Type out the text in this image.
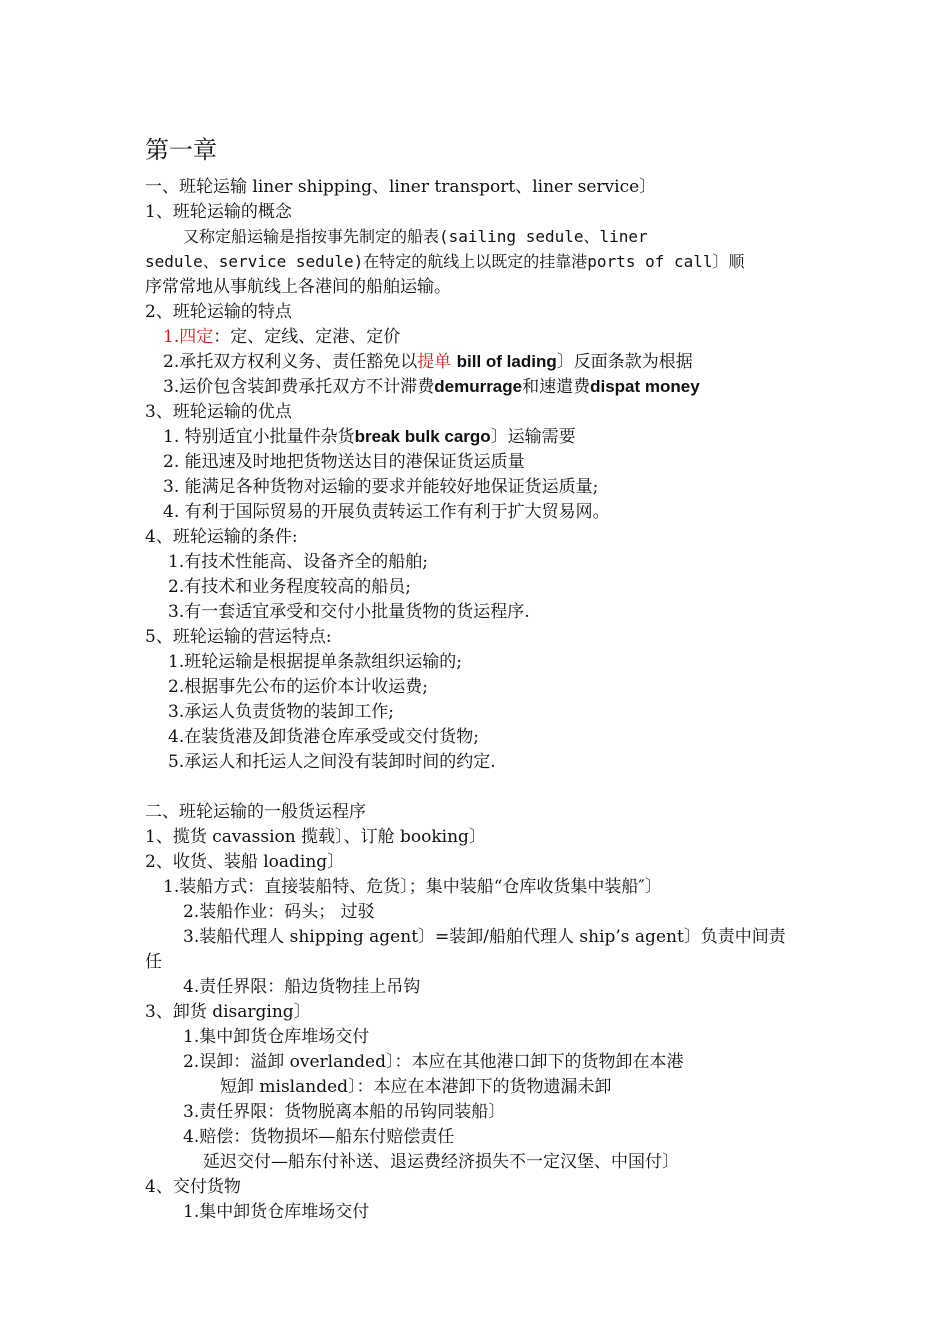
第一章
一、班轮运输 liner shipping、liner transport、liner service〕
1、班轮运输的概念
又称定船运输是指按事先制定的船表(sailing sedule、liner
sedule、service sedule)在特定的航线上以既定的挂靠港ports of call〕顺
序常常地从事航线上各港间的船舶运输。
2、班轮运输的特点
1.四定：定、定线、定港、定价
2.承托双方权利义务、责任豁免以提单 bill of lading〕反面条款为根据
3.运价包含装卸费承托双方不计滞费demurrage和速遣费dispat money
3、班轮运输的优点
1. 特别适宜小批量件杂货break bulk cargo〕运输需要
2. 能迅速及时地把货物送达目的港保证货运质量
3. 能满足各种货物对运输的要求并能较好地保证货运质量;
4. 有利于国际贸易的开展负责转运工作有利于扩大贸易网。
4、班轮运输的条件:
1.有技术性能高、设备齐全的船舶;
2.有技术和业务程度较高的船员;
3.有一套适宜承受和交付小批量货物的货运程序.
5、班轮运输的营运特点:
1.班轮运输是根据提单条款组织运输的;
2.根据事先公布的运价本计收运费;
3.承运人负责货物的装卸工作;
4.在装货港及卸货港仓库承受或交付货物;
5.承运人和托运人之间没有装卸时间的约定.
二、班轮运输的一般货运程序
1、揽货 cavassion 揽载〕、订舱 booking〕
2、收货、装船 loading〕
1.装船方式：直接装船特、危货〕；集中装船“仓库收货集中装船″〕
2.装船作业：码头； 过驳
3.装船代理人 shipping agent〕=装卸/船舶代理人 ship’s agent〕负责中间责
任
4.责任界限：船边货物挂上吊钩
3、卸货 disarging〕
1.集中卸货仓库堆场交付
2.误卸：溢卸 overlanded〕：本应在其他港口卸下的货物卸在本港
短卸 mislanded〕：本应在本港卸下的货物遗漏未卸
3.责任界限：货物脱离本船的吊钩同装船〕
4.赔偿：货物损坏—船东付赔偿责任
延迟交付—船东付补送、退运费经济损失不一定汉堡、中国付〕
4、交付货物
1.集中卸货仓库堆场交付
